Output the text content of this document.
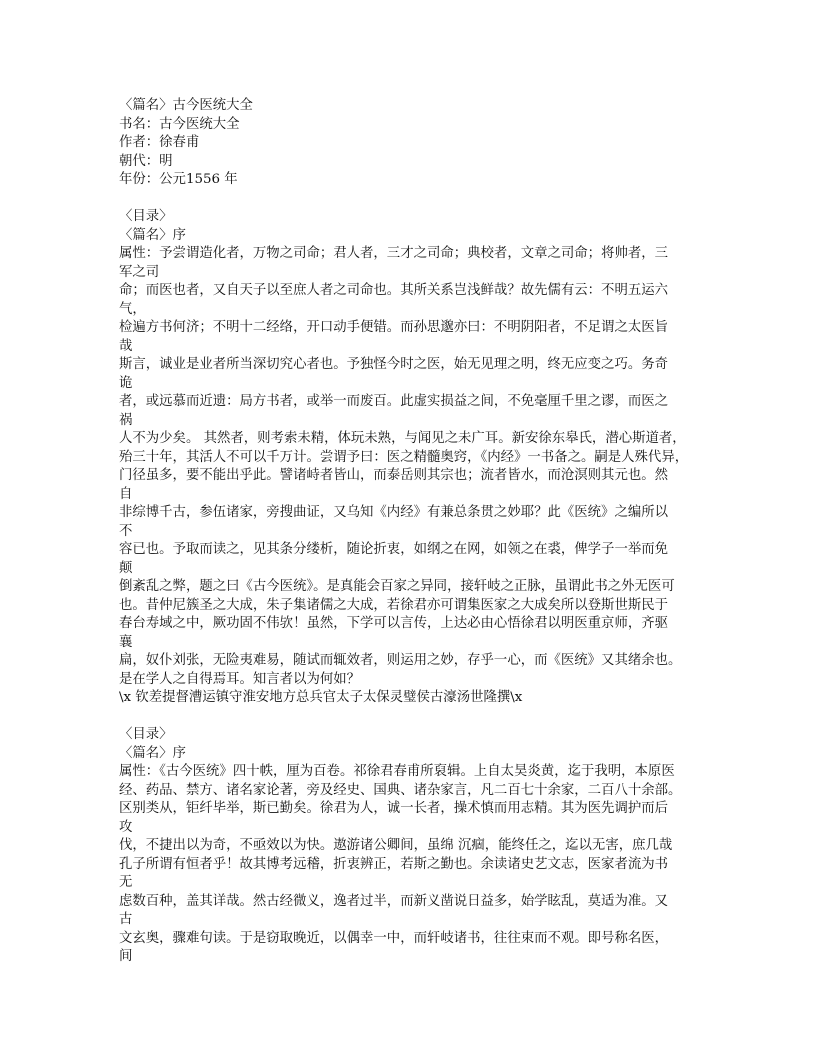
〈篇名〉古今医统大全
书名：古今医统大全
作者：徐春甫
朝代：明
年份：公元1556 年
〈目录〉
〈篇名〉序
属性：予尝谓造化者，万物之司命；君人者，三才之司命；典校者，文章之司命；将帅者，三
军之司
命；而医也者，又自天子以至庶人者之司命也。其所关系岂浅鲜哉？故先儒有云：不明五运六
气，
检遍方书何济；不明十二经络，开口动手便错。而孙思邈亦曰：不明阴阳者，不足谓之太医旨
哉
斯言，诚业是业者所当深切究心者也。予独怪今时之医，始无见理之明，终无应变之巧。务奇
诡
者，或远慕而近遗：局方书者，或举一而废百。此虚实损益之间，不免毫厘千里之谬，而医之
祸
人不为少矣。 其然者，则考索未精，体玩未熟，与闻见之未广耳。新安徐东皋氏，潜心斯道者，
殆三十年，其活人不可以千万计。尝谓予曰：医之精髓奥窍，《内经》一书备之。嗣是人殊代异，
门径虽多，要不能出乎此。譬诸峙者皆山，而泰岳则其宗也；流者皆水，而沧溟则其元也。然
自
非综博千古，参伍诸家，旁搜曲证，又乌知《内经》有兼总条贯之妙耶？此《医统》之编所以
不
容已也。予取而读之，见其条分缕析，随论折衷，如纲之在网，如领之在裘，俾学子一举而免
颠
倒紊乱之弊，题之曰《古今医统》。是真能会百家之异同，接轩岐之正脉，虽谓此书之外无医可
也。昔仲尼簇圣之大成，朱子集诸儒之大成，若徐君亦可谓集医家之大成矣所以登斯世斯民于
春台寿域之中，厥功固不伟欤！虽然，下学可以言传，上达必由心悟徐君以明医重京师，齐驱
襄
扁，奴仆刘张，无险夷难易，随试而辄效者，则运用之妙，存乎一心，而《医统》又其绪余也。
是在学人之自得焉耳。知言者以为何如？
\x 钦差提督漕运镇守淮安地方总兵官太子太保灵璧侯古濠汤世隆撰\x
〈目录〉
〈篇名〉序
属性：《古今医统》四十帙，厘为百卷。祁徐君春甫所裒辑。上自太昊炎黄，迄于我明，本原医
经、药品、禁方、诸名家论著，旁及经史、国典、诸杂家言，凡二百七十余家，二百八十余部。
区别类从，钜纤毕举，斯已勤矣。徐君为人，诚一长者，操术慎而用志精。其为医先调护而后
攻
伐，不捷出以为奇，不亟效以为快。遨游诸公卿间，虽绵 沉痼，能终任之，迄以无害，庶几哉
孔子所谓有恒者乎！故其博考远稽，折衷辨正，若斯之勤也。余读诸史艺文志，医家者流为书
无
虑数百种，盖其详哉。然古经微义，逸者过半，而新义凿说日益多，始学眩乱，莫适为准。又
古
文玄奥，骤难句读。于是窃取晚近，以偶幸一中，而轩岐诸书，往往束而不观。即号称名医，
间
